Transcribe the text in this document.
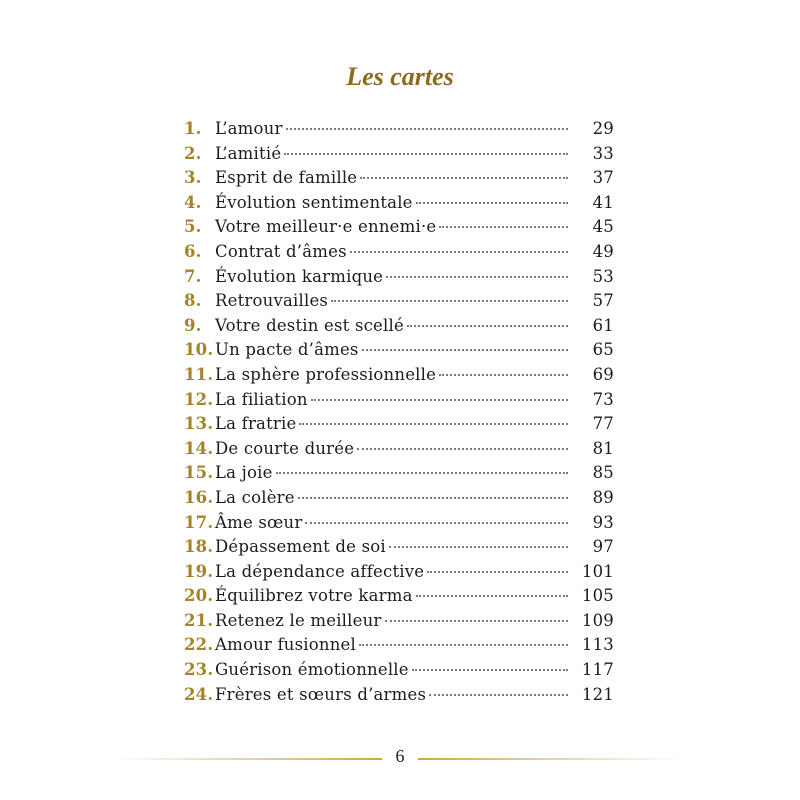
Les cartes
1. L’amour	29
2. L’amitié	33
3. Esprit de famille	37
4. Évolution sentimentale	41
5. Votre meilleur·e ennemi·e	45
6. Contrat d’âmes	49
7. Évolution karmique	53
8. Retrouvailles	57
9. Votre destin est scellé	61
10. Un pacte d’âmes	65
11. La sphère professionnelle	69
12. La filiation	73
13. La fratrie	77
14. De courte durée	81
15. La joie	85
16. La colère	89
17. Âme sœur	93
18. Dépassement de soi	97
19. La dépendance affective	101
20. Équilibrez votre karma	105
21. Retenez le meilleur	109
22. Amour fusionnel	113
23. Guérison émotionnelle	117
24. Frères et sœurs d’armes	121
6
